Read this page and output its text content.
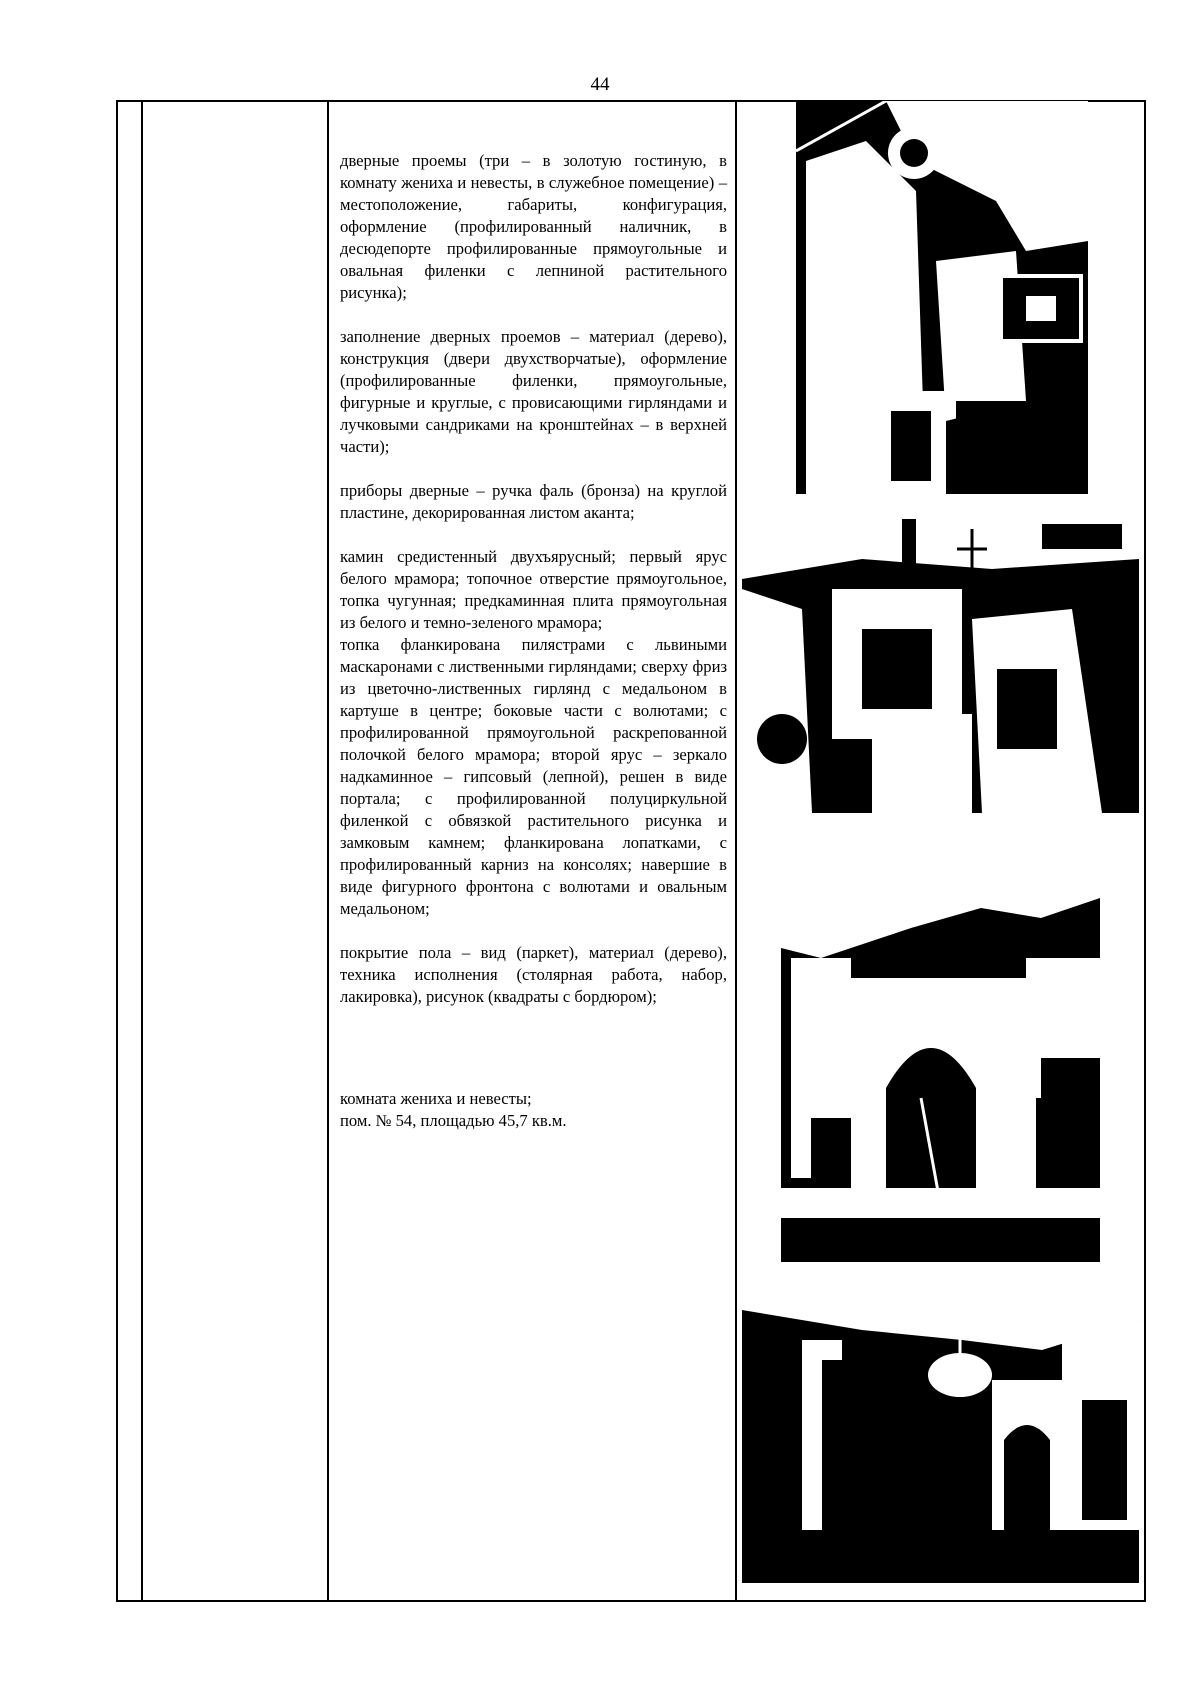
44

дверные проемы (три – в золотую гостиную, в комнату жениха и невесты, в служебное помещение) – местоположение, габариты, конфигурация, оформление (профилированный наличник, в десюдепорте профилированные прямоугольные и овальная филенки с лепниной растительного рисунка);

заполнение дверных проемов – материал (дерево), конструкция (двери двухстворчатые), оформление (профилированные филенки, прямоугольные, фигурные и круглые, с провисающими гирляндами и лучковыми сандриками на кронштейнах – в верхней части);

приборы дверные – ручка фаль (бронза) на круглой пластине, декорированная листом аканта;

камин средистенный двухъярусный; первый ярус белого мрамора; топочное отверстие прямоугольное, топка чугунная; предкаминная плита прямоугольная из белого и темно-зеленого мрамора;

топка фланкирована пилястрами с львиными маскаронами с лиственными гирляндами; сверху фриз из цветочно-лиственных гирлянд с медальоном в картуше в центре; боковые части с волютами; с профилированной прямоугольной раскрепованной полочкой белого мрамора; второй ярус – зеркало надкаминное – гипсовый (лепной), решен в виде портала; с профилированной полуциркульной филенкой с обвязкой растительного рисунка и замковым камнем; фланкирована лопатками, с профилированный карниз на консолях; навершие в виде фигурного фронтона с волютами и овальным медальоном;

покрытие пола – вид (паркет), материал (дерево), техника исполнения (столярная работа, набор, лакировка), рисунок (квадраты с бордюром);

комната жениха и невесты;

пом. № 54, площадью 45,7 кв.м.
